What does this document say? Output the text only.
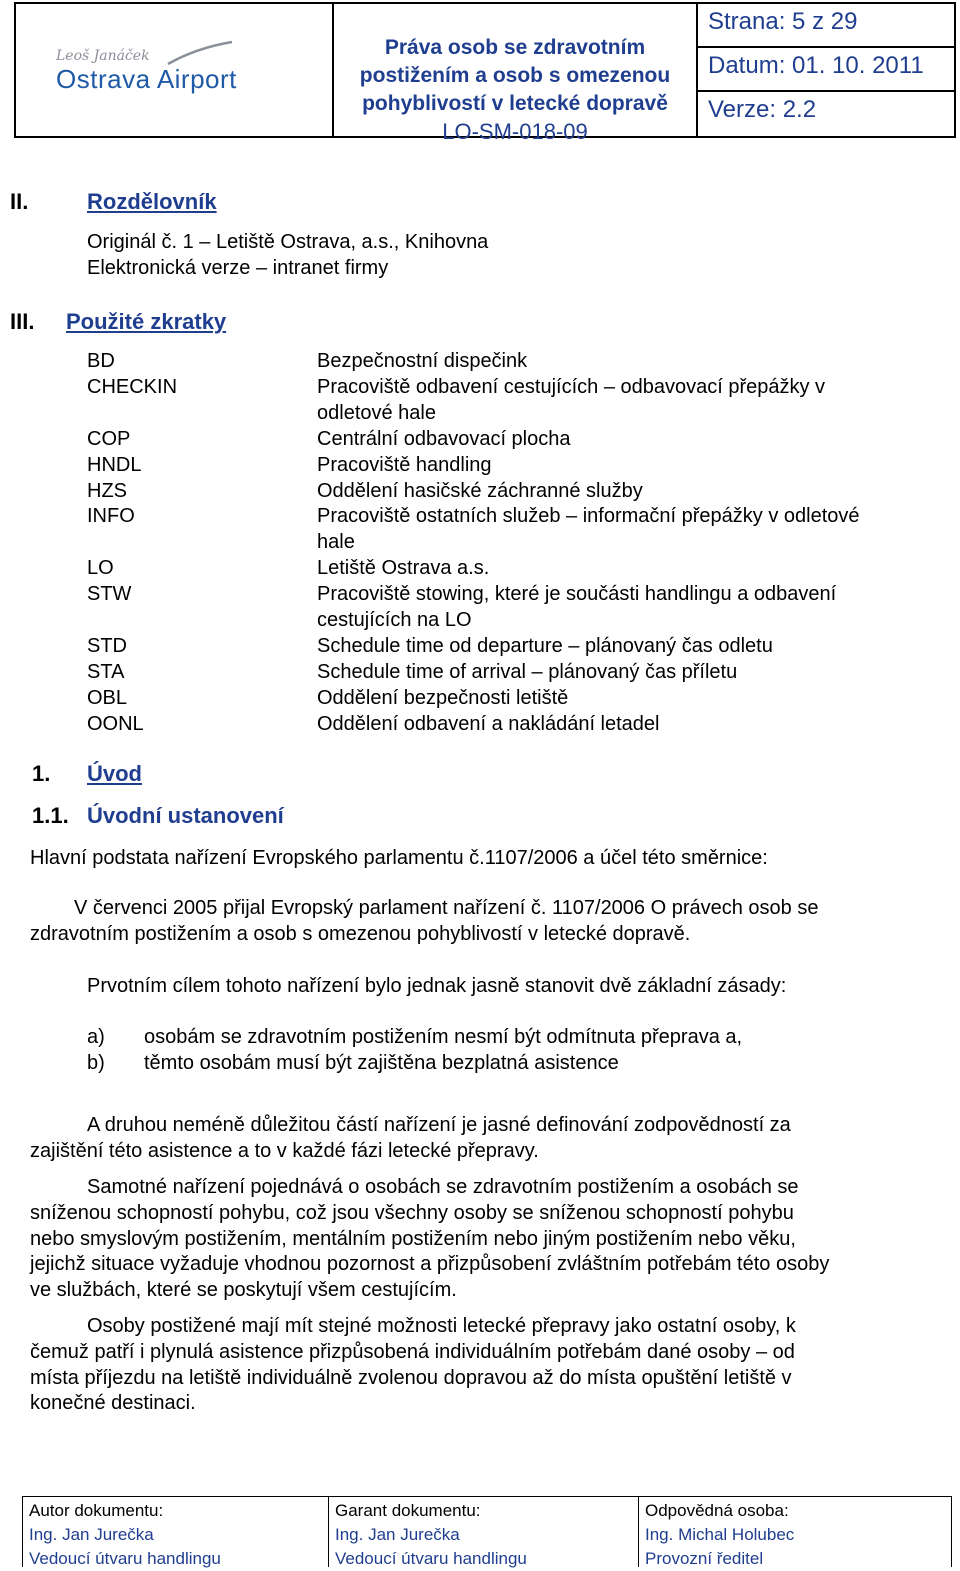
Leoš Janáček
Ostrava Airport
Práva osob se zdravotním
postižením a osob s omezenou
pohyblivostí v letecké dopravě
LO-SM-018-09
Strana: 5 z 29
Datum: 01. 10. 2011
Verze: 2.2
II.	Rozdělovník
Originál č. 1 – Letiště Ostrava, a.s., Knihovna
Elektronická verze – intranet firmy
III. Použité zkratky
BD
CHECKIN

COP
HNDL
HZS
INFO

LO
STW

STD
STA
OBL
OONL
Bezpečnostní dispečink
Pracoviště odbavení cestujících – odbavovací přepážky v
odletové hale
Centrální odbavovací plocha
Pracoviště handling
Oddělení hasičské záchranné služby
Pracoviště ostatních služeb – informační přepážky v odletové
hale
Letiště Ostrava a.s.
Pracoviště stowing, které je součásti handlingu a odbavení
cestujících na LO
Schedule time od departure – plánovaný čas odletu
Schedule time of arrival – plánovaný čas příletu
Oddělení bezpečnosti letiště
Oddělení odbavení a nakládání letadel
1. Úvod
1.1. Úvodní ustanovení
Hlavní podstata nařízení Evropského parlamentu č.1107/2006 a účel této směrnice:
V červenci 2005 přijal Evropský parlament nařízení č. 1107/2006 O právech osob se
zdravotním postižením a osob s omezenou pohyblivostí v letecké dopravě.
Prvotním cílem tohoto nařízení bylo jednak jasně stanovit dvě základní zásady:
a) osobám se zdravotním postižením nesmí být odmítnuta přeprava a,
b) těmto osobám musí být zajištěna bezplatná asistence
A druhou neméně důležitou částí nařízení je jasné definování zodpovědností za
zajištění této asistence a to v každé fázi letecké přepravy.
Samotné nařízení pojednává o osobách se zdravotním postižením a osobách se
sníženou schopností pohybu, což jsou všechny osoby se sníženou schopností pohybu
nebo smyslovým postižením, mentálním postižením nebo jiným postižením nebo věku,
jejichž situace vyžaduje vhodnou pozornost a přizpůsobení zvláštním potřebám této osoby
ve službách, které se poskytují všem cestujícím.
Osoby postižené mají mít stejné možnosti letecké přepravy jako ostatní osoby, k
čemuž patří i plynulá asistence přizpůsobená individuálním potřebám dané osoby – od
místa příjezdu na letiště individuálně zvolenou dopravou až do místa opuštění letiště v
konečné destinaci.
Autor dokumentu:
Ing. Jan Jurečka
Vedoucí útvaru handlingu
Garant dokumentu:
Ing. Jan Jurečka
Vedoucí útvaru handlingu
Odpovědná osoba:
Ing. Michal Holubec
Provozní ředitel
